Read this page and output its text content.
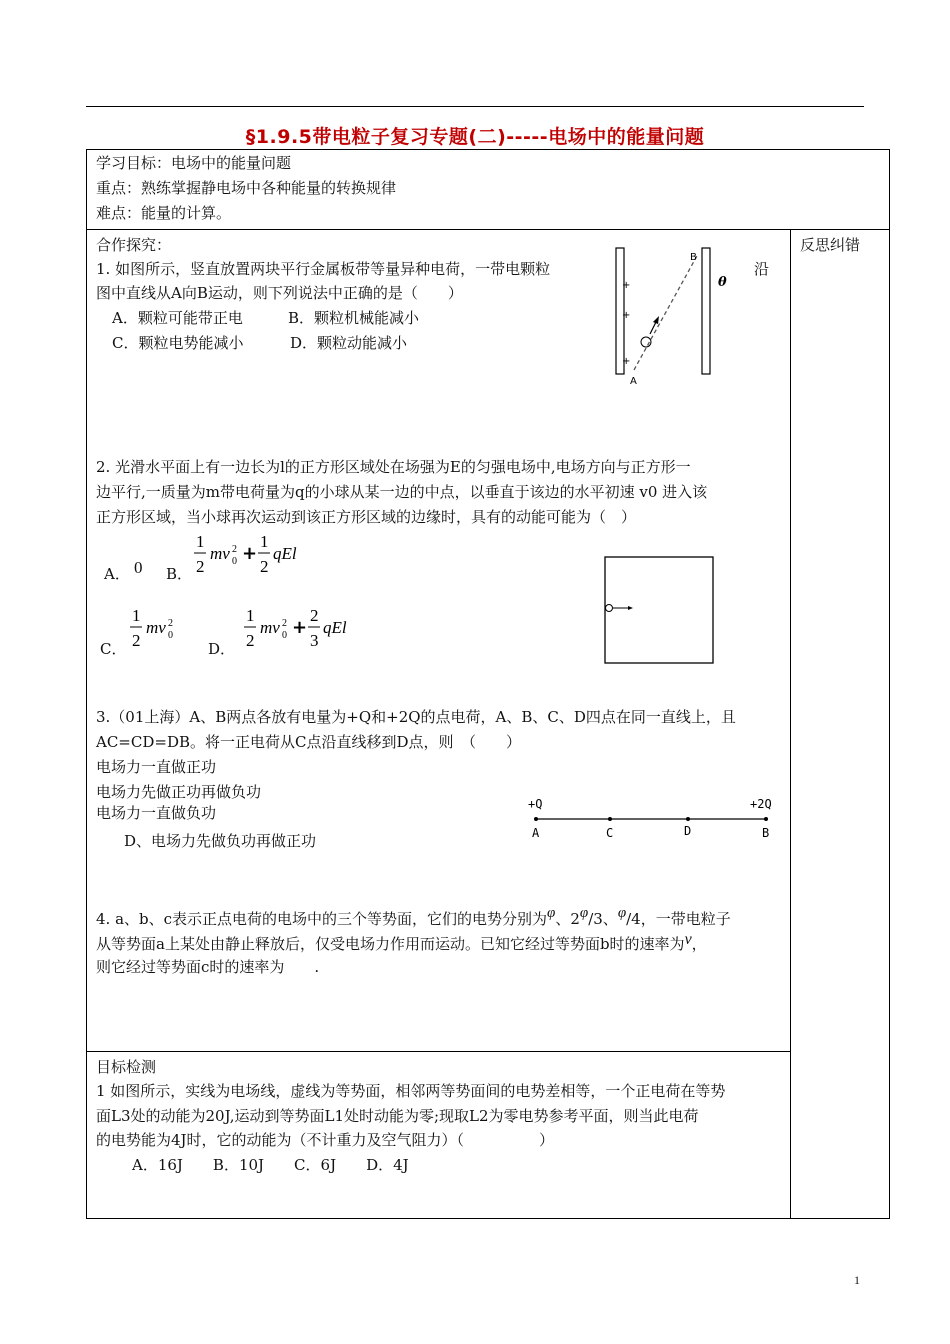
§1.9.5带电粒子复习专题(二)-----电场中的能量问题
学习目标：电场中的能量问题
重点：熟练掌握静电场中各种能量的转换规律
难点：能量的计算。
反思纠错
合作探究：
1. 如图所示，竖直放置两块平行金属板带等量异种电荷，一带电颗粒	沿
图中直线从A向B运动，则下列说法中正确的是（　　）
A．颗粒可能带正电	B．颗粒机械能减小
C．颗粒电势能减小	D．颗粒动能减小
+
+
+
A
B
θ
2. 光滑水平面上有一边长为l的正方形区域处在场强为E的匀强电场中,电场方向与正方形一
边平行,一质量为m带电荷量为q的小球从某一边的中点，以垂直于该边的水平初速 v0 进入该
正方形区域，当小球再次运动到该正方形区域的边缘时，具有的动能可能为（　）
A． 0 B．
1
2
mv 2
0 +
1
2
qEl
C．
1
2
mv 2
0
D．
1
2
mv 2
0 +
2
3
qEl
3.（01上海）A、B两点各放有电量为+Q和+2Q的点电荷，A、B、C、D四点在同一直线上，且
AC=CD=DB。将一正电荷从C点沿直线移到D点，则　（　　）
电场力一直做正功
电场力先做正功再做负功
电场力一直做负功
D、电场力先做负功再做正功
+Q	+2Q
A	C	D	B
4. a、b、c表示正点电荷的电场中的三个等势面，它们的电势分别为φ、2φ/3、φ/4，一带电粒子
从等势面a上某处由静止释放后，仅受电场力作用而运动。已知它经过等势面b时的速率为v，
则它经过等势面c时的速率为　　.
目标检测
1 如图所示，实线为电场线，虚线为等势面，相邻两等势面间的电势差相等，一个正电荷在等势
面L3处的动能为20J,运动到等势面L1处时动能为零;现取L2为零电势参考平面，则当此电荷
的电势能为4J时，它的动能为（不计重力及空气阻力）（　　　　　）
A．16J　　B．10J　　C．6J　　D．4J
1
